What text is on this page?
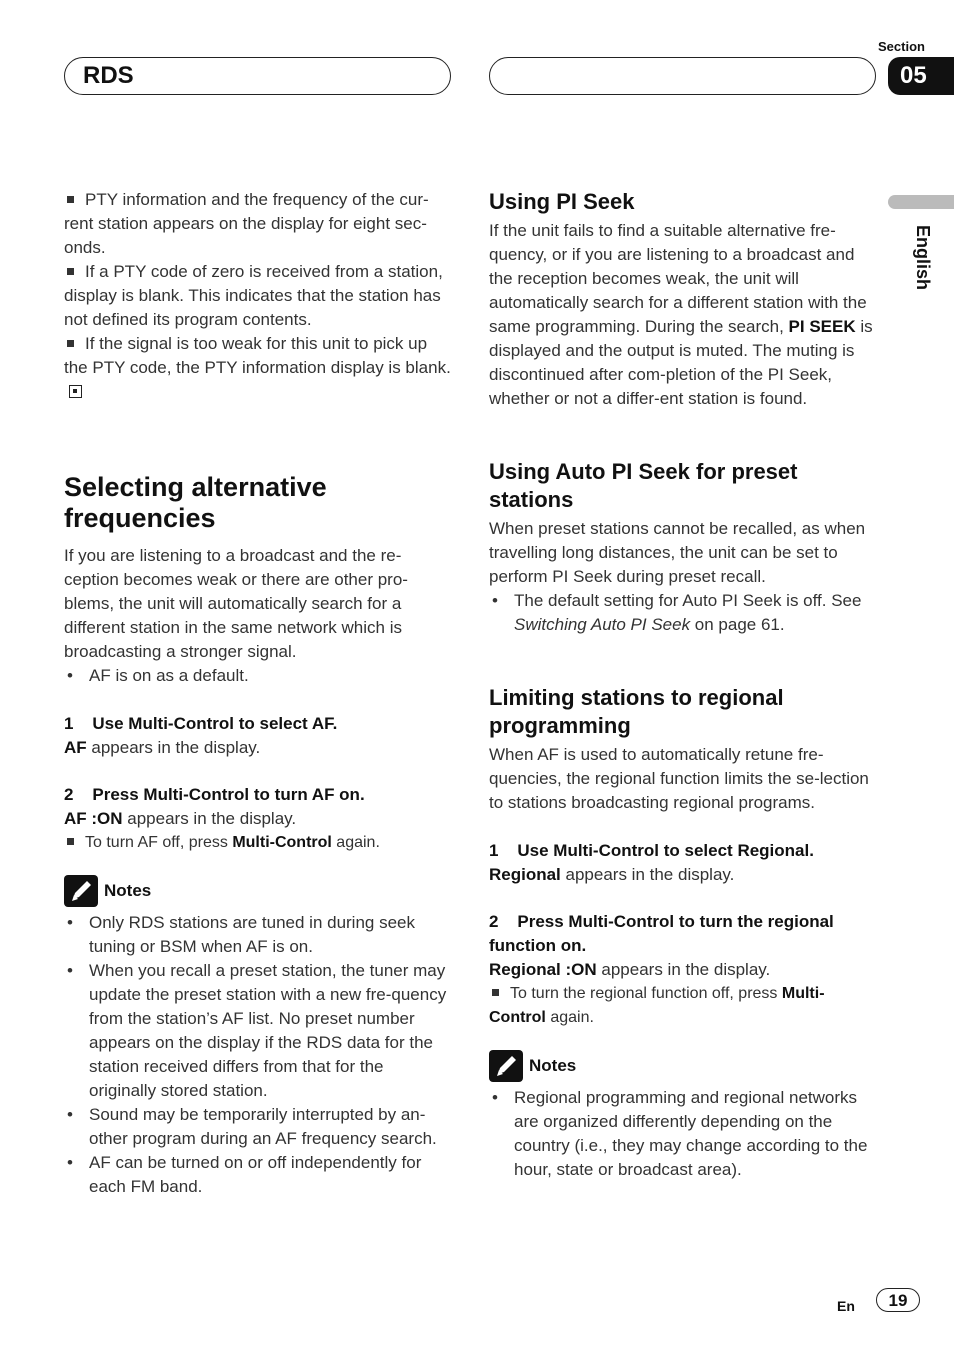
RDS
Section
05
English

PTY information and the frequency of the cur-rent station appears on the display for eight sec-onds.

If a PTY code of zero is received from a station, display is blank. This indicates that the station has not defined its program contents.

If the signal is too weak for this unit to pick up the PTY code, the PTY information display is blank.

Selecting alternative frequencies

If you are listening to a broadcast and the re-ception becomes weak or there are other pro-blems, the unit will automatically search for a different station in the same network which is broadcasting a stronger signal.

• AF is on as a default.

1 Use Multi-Control to select AF.

AF appears in the display.

2 Press Multi-Control to turn AF on.

AF :ON appears in the display.

To turn AF off, press Multi-Control again.

Notes

• Only RDS stations are tuned in during seek tuning or BSM when AF is on.

• When you recall a preset station, the tuner may update the preset station with a new fre-quency from the station’s AF list. No preset number appears on the display if the RDS data for the station received differs from that for the originally stored station.

• Sound may be temporarily interrupted by an-other program during an AF frequency search.

• AF can be turned on or off independently for each FM band.

Using PI Seek

If the unit fails to find a suitable alternative fre-quency, or if you are listening to a broadcast and the reception becomes weak, the unit will automatically search for a different station with the same programming. During the search, PI SEEK is displayed and the output is muted. The muting is discontinued after com-pletion of the PI Seek, whether or not a differ-ent station is found.

Using Auto PI Seek for preset stations

When preset stations cannot be recalled, as when travelling long distances, the unit can be set to perform PI Seek during preset recall.

• The default setting for Auto PI Seek is off. See Switching Auto PI Seek on page 61.

Limiting stations to regional programming

When AF is used to automatically retune fre-quencies, the regional function limits the se-lection to stations broadcasting regional programs.

1 Use Multi-Control to select Regional.

Regional appears in the display.

2 Press Multi-Control to turn the regional function on.

Regional :ON appears in the display.

To turn the regional function off, press Multi-Control again.

Notes

• Regional programming and regional networks are organized differently depending on the country (i.e., they may change according to the hour, state or broadcast area).

En	19
